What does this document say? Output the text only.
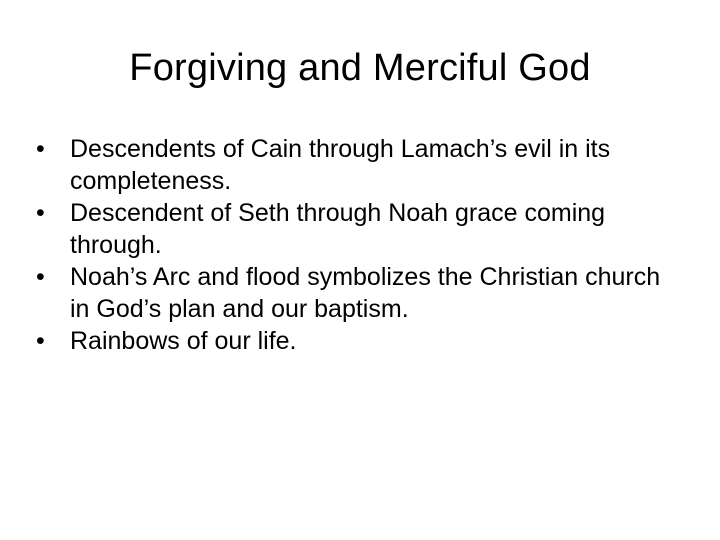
Forgiving and Merciful God
•	Descendents of Cain through Lamach’s evil in its completeness.
•	Descendent of Seth through Noah grace coming through.
•	Noah’s Arc and flood symbolizes the Christian church in God’s plan and our baptism.
•	Rainbows of our life.
